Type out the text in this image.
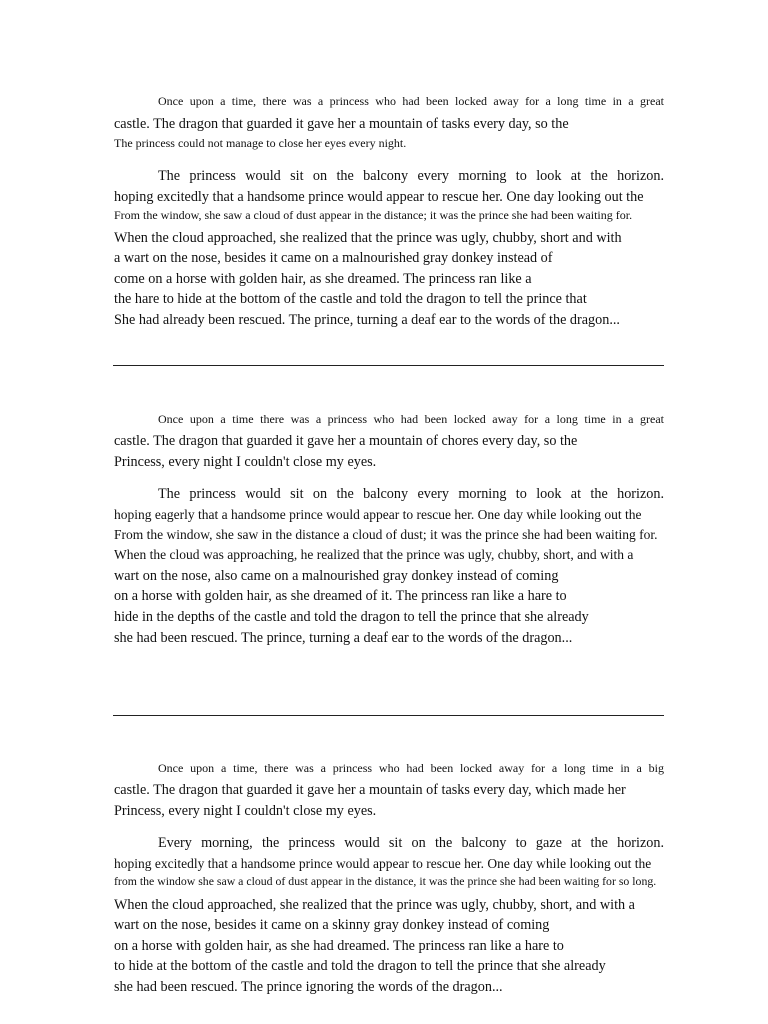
Once upon a time, there was a princess who had been locked away for a long time in a great
castle. The dragon that guarded it gave her a mountain of tasks every day, so the
The princess could not manage to close her eyes every night.
The princess would sit on the balcony every morning to look at the horizon.
hoping excitedly that a handsome prince would appear to rescue her. One day looking out the
From the window, she saw a cloud of dust appear in the distance; it was the prince she had been waiting for.
When the cloud approached, she realized that the prince was ugly, chubby, short and with
a wart on the nose, besides it came on a malnourished gray donkey instead of
come on a horse with golden hair, as she dreamed. The princess ran like a
the hare to hide at the bottom of the castle and told the dragon to tell the prince that
She had already been rescued. The prince, turning a deaf ear to the words of the dragon...
Once upon a time there was a princess who had been locked away for a long time in a great
castle. The dragon that guarded it gave her a mountain of chores every day, so the
Princess, every night I couldn't close my eyes.
The princess would sit on the balcony every morning to look at the horizon.
hoping eagerly that a handsome prince would appear to rescue her. One day while looking out the
From the window, she saw in the distance a cloud of dust; it was the prince she had been waiting for.
When the cloud was approaching, he realized that the prince was ugly, chubby, short, and with a
wart on the nose, also came on a malnourished gray donkey instead of coming
on a horse with golden hair, as she dreamed of it. The princess ran like a hare to
hide in the depths of the castle and told the dragon to tell the prince that she already
she had been rescued. The prince, turning a deaf ear to the words of the dragon...
Once upon a time, there was a princess who had been locked away for a long time in a big
castle. The dragon that guarded it gave her a mountain of tasks every day, which made her
Princess, every night I couldn't close my eyes.
Every morning, the princess would sit on the balcony to gaze at the horizon.
hoping excitedly that a handsome prince would appear to rescue her. One day while looking out the
from the window she saw a cloud of dust appear in the distance, it was the prince she had been waiting for so long.
When the cloud approached, she realized that the prince was ugly, chubby, short, and with a
wart on the nose, besides it came on a skinny gray donkey instead of coming
on a horse with golden hair, as she had dreamed. The princess ran like a hare to
to hide at the bottom of the castle and told the dragon to tell the prince that she already
she had been rescued. The prince ignoring the words of the dragon...
